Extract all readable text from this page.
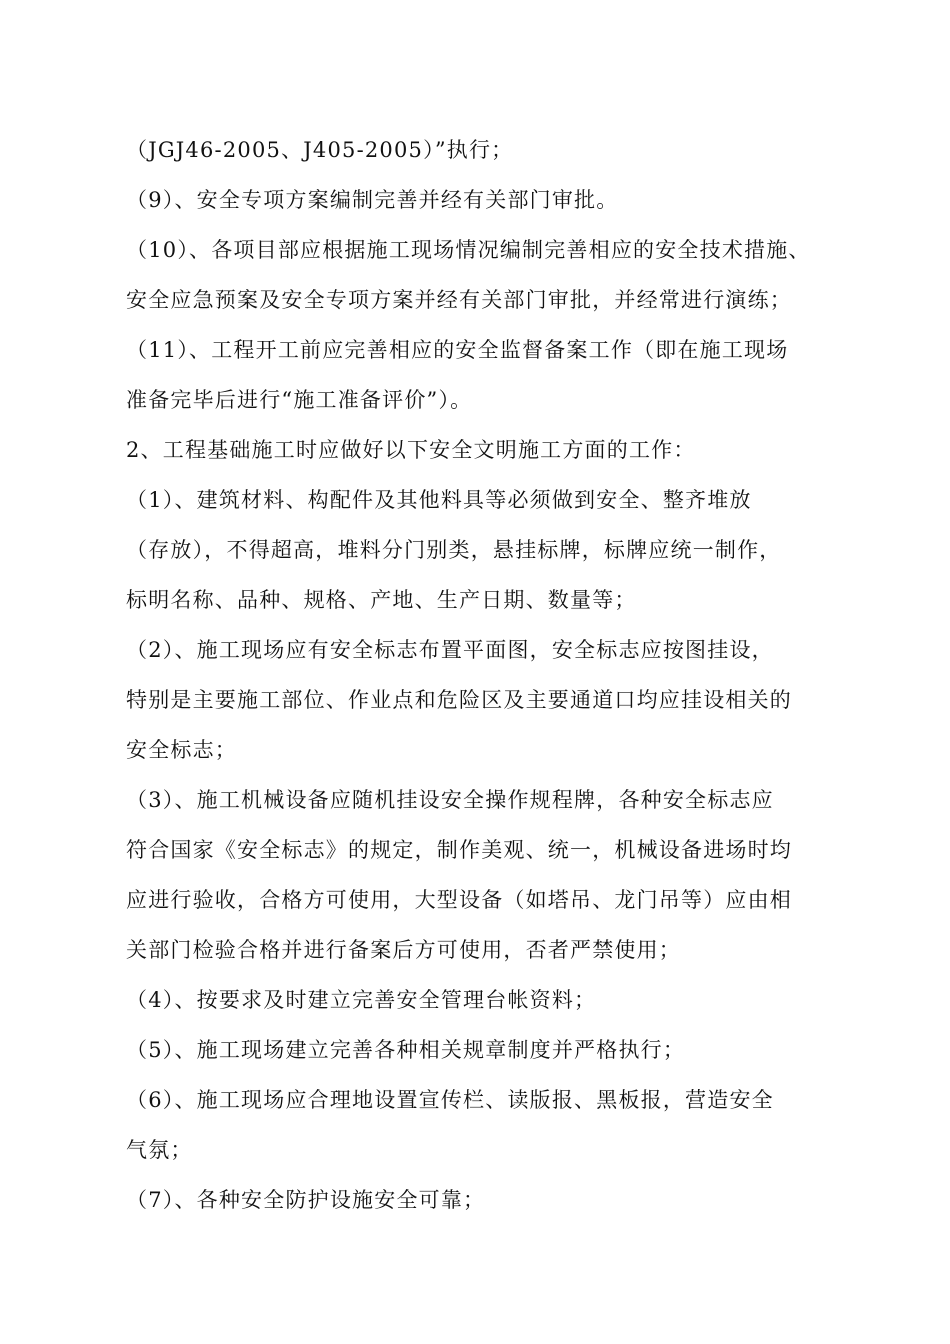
（JGJ46-2005、J405-2005）”执行；
（9）、安全专项方案编制完善并经有关部门审批。
（10）、各项目部应根据施工现场情况编制完善相应的安全技术措施、
安全应急预案及安全专项方案并经有关部门审批，并经常进行演练；
（11）、工程开工前应完善相应的安全监督备案工作（即在施工现场
准备完毕后进行“施工准备评价”）。
2、工程基础施工时应做好以下安全文明施工方面的工作：
（1）、建筑材料、构配件及其他料具等必须做到安全、整齐堆放
（存放），不得超高，堆料分门别类，悬挂标牌，标牌应统一制作，
标明名称、品种、规格、产地、生产日期、数量等；
（2）、施工现场应有安全标志布置平面图，安全标志应按图挂设，
特别是主要施工部位、作业点和危险区及主要通道口均应挂设相关的
安全标志；
（3）、施工机械设备应随机挂设安全操作规程牌，各种安全标志应
符合国家《安全标志》的规定，制作美观、统一，机械设备进场时均
应进行验收，合格方可使用，大型设备（如塔吊、龙门吊等）应由相
关部门检验合格并进行备案后方可使用，否者严禁使用；
（4）、按要求及时建立完善安全管理台帐资料；
（5）、施工现场建立完善各种相关规章制度并严格执行；
（6）、施工现场应合理地设置宣传栏、读版报、黑板报，营造安全
气氛；
（7）、各种安全防护设施安全可靠；
